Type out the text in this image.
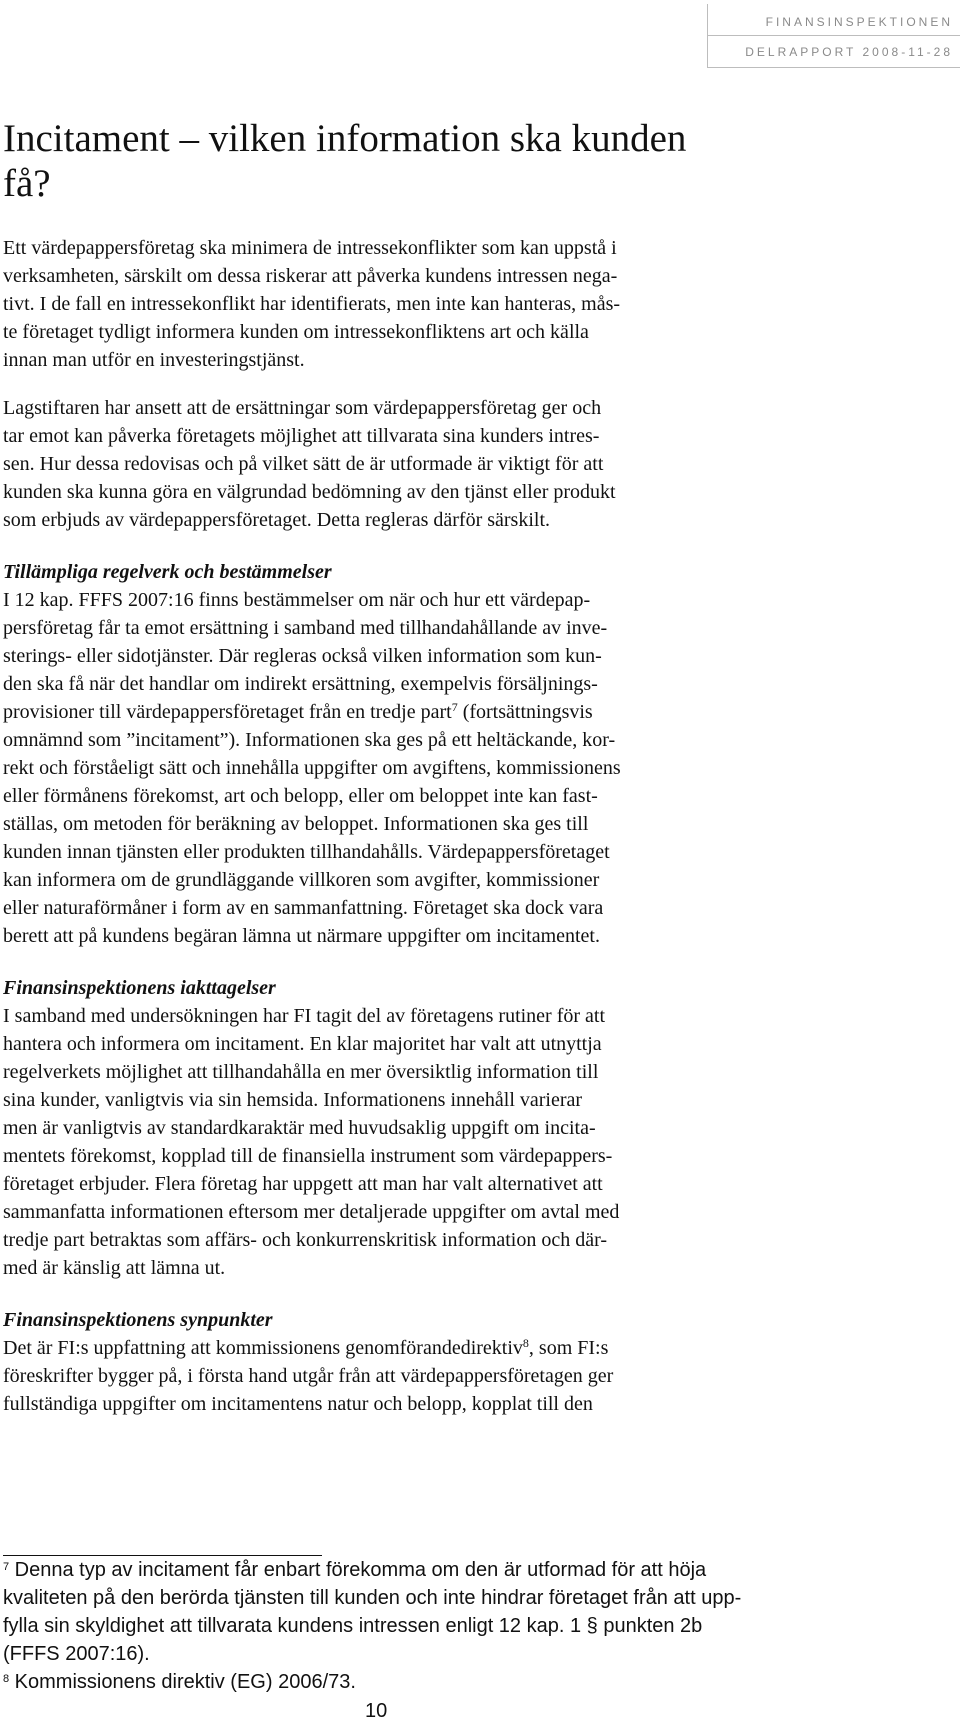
FINANSINSPEKTIONEN
DELRAPPORT 2008-11-28
Incitament – vilken information ska kunden
få?

Ett värdepappersföretag ska minimera de intressekonflikter som kan uppstå i
verksamheten, särskilt om dessa riskerar att påverka kundens intressen nega-
tivt. I de fall en intressekonflikt har identifierats, men inte kan hanteras, mås-
te företaget tydligt informera kunden om intressekonfliktens art och källa
innan man utför en investeringstjänst.

Lagstiftaren har ansett att de ersättningar som värdepappersföretag ger och
tar emot kan påverka företagets möjlighet att tillvarata sina kunders intres-
sen. Hur dessa redovisas och på vilket sätt de är utformade är viktigt för att
kunden ska kunna göra en välgrundad bedömning av den tjänst eller produkt
som erbjuds av värdepappersföretaget. Detta regleras därför särskilt.

Tillämpliga regelverk och bestämmelser

I 12 kap. FFFS 2007:16 finns bestämmelser om när och hur ett värdepap-
persföretag får ta emot ersättning i samband med tillhandahållande av inve-
sterings- eller sidotjänster. Där regleras också vilken information som kun-
den ska få när det handlar om indirekt ersättning, exempelvis försäljnings-
provisioner till värdepappersföretaget från en tredje part$^7$ (fortsättningsvis
omnämnd som ”incitament”). Informationen ska ges på ett heltäckande, kor-
rekt och förståeligt sätt och innehålla uppgifter om avgiftens, kommissionens
eller förmånens förekomst, art och belopp, eller om beloppet inte kan fast-
ställas, om metoden för beräkning av beloppet. Informationen ska ges till
kunden innan tjänsten eller produkten tillhandahålls. Värdepappersföretaget
kan informera om de grundläggande villkoren som avgifter, kommissioner
eller naturaförmåner i form av en sammanfattning. Företaget ska dock vara
berett att på kundens begäran lämna ut närmare uppgifter om incitamentet.

Finansinspektionens iakttagelser

I samband med undersökningen har FI tagit del av företagens rutiner för att
hantera och informera om incitament. En klar majoritet har valt att utnyttja
regelverkets möjlighet att tillhandahålla en mer översiktlig information till
sina kunder, vanligtvis via sin hemsida. Informationens innehåll varierar
men är vanligtvis av standardkaraktär med huvudsaklig uppgift om incita-
mentets förekomst, kopplad till de finansiella instrument som värdepappers-
företaget erbjuder. Flera företag har uppgett att man har valt alternativet att
sammanfatta informationen eftersom mer detaljerade uppgifter om avtal med
tredje part betraktas som affärs- och konkurrenskritisk information och där-
med är känslig att lämna ut.

Finansinspektionens synpunkter

Det är FI:s uppfattning att kommissionens genomförandedirektiv$^8$, som FI:s
föreskrifter bygger på, i första hand utgår från att värdepappersföretagen ger
fullständiga uppgifter om incitamentens natur och belopp, kopplat till den

$^7$ Denna typ av incitament får enbart förekomma om den är utformad för att höja
kvaliteten på den berörda tjänsten till kunden och inte hindrar företaget från att upp-
fylla sin skyldighet att tillvarata kundens intressen enligt 12 kap. 1 § punkten 2b
(FFFS 2007:16).

$^8$ Kommissionens direktiv (EG) 2006/73.

10
